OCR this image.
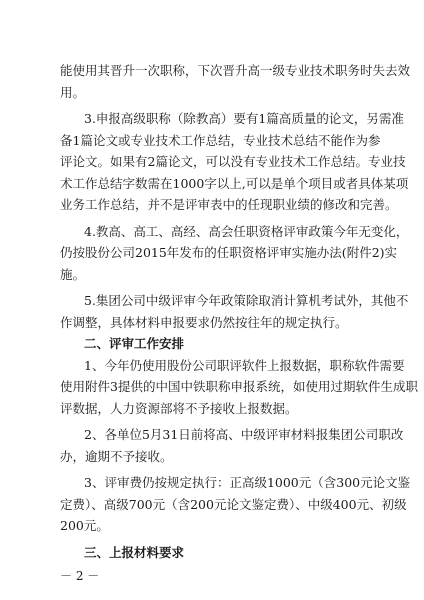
能使用其晋升一次职称，下次晋升高一级专业技术职务时失去效
用。
3.申报高级职称（除教高）要有1篇高质量的论文，另需准
备1篇论文或专业技术工作总结，专业技术总结不能作为参
评论文。如果有2篇论文，可以没有专业技术工作总结。专业技
术工作总结字数需在1000字以上,可以是单个项目或者具体某项
业务工作总结，并不是评审表中的任现职业绩的修改和完善。
4.教高、高工、高经、高会任职资格评审政策今年无变化，
仍按股份公司2015年发布的任职资格评审实施办法(附件2)实
施。
5.集团公司中级评审今年政策除取消计算机考试外，其他不
作调整，具体材料申报要求仍然按往年的规定执行。
二、评审工作安排
1、今年仍使用股份公司职评软件上报数据，职称软件需要
使用附件3提供的中国中铁职称申报系统，如使用过期软件生成职
评数据，人力资源部将不予接收上报数据。
2、各单位5月31日前将高、中级评审材料报集团公司职改
办，逾期不予接收。
3、评审费仍按规定执行：正高级1000元（含300元论文鉴
定费）、高级700元（含200元论文鉴定费）、中级400元、初级
200元。
三、上报材料要求
－ 2 －
